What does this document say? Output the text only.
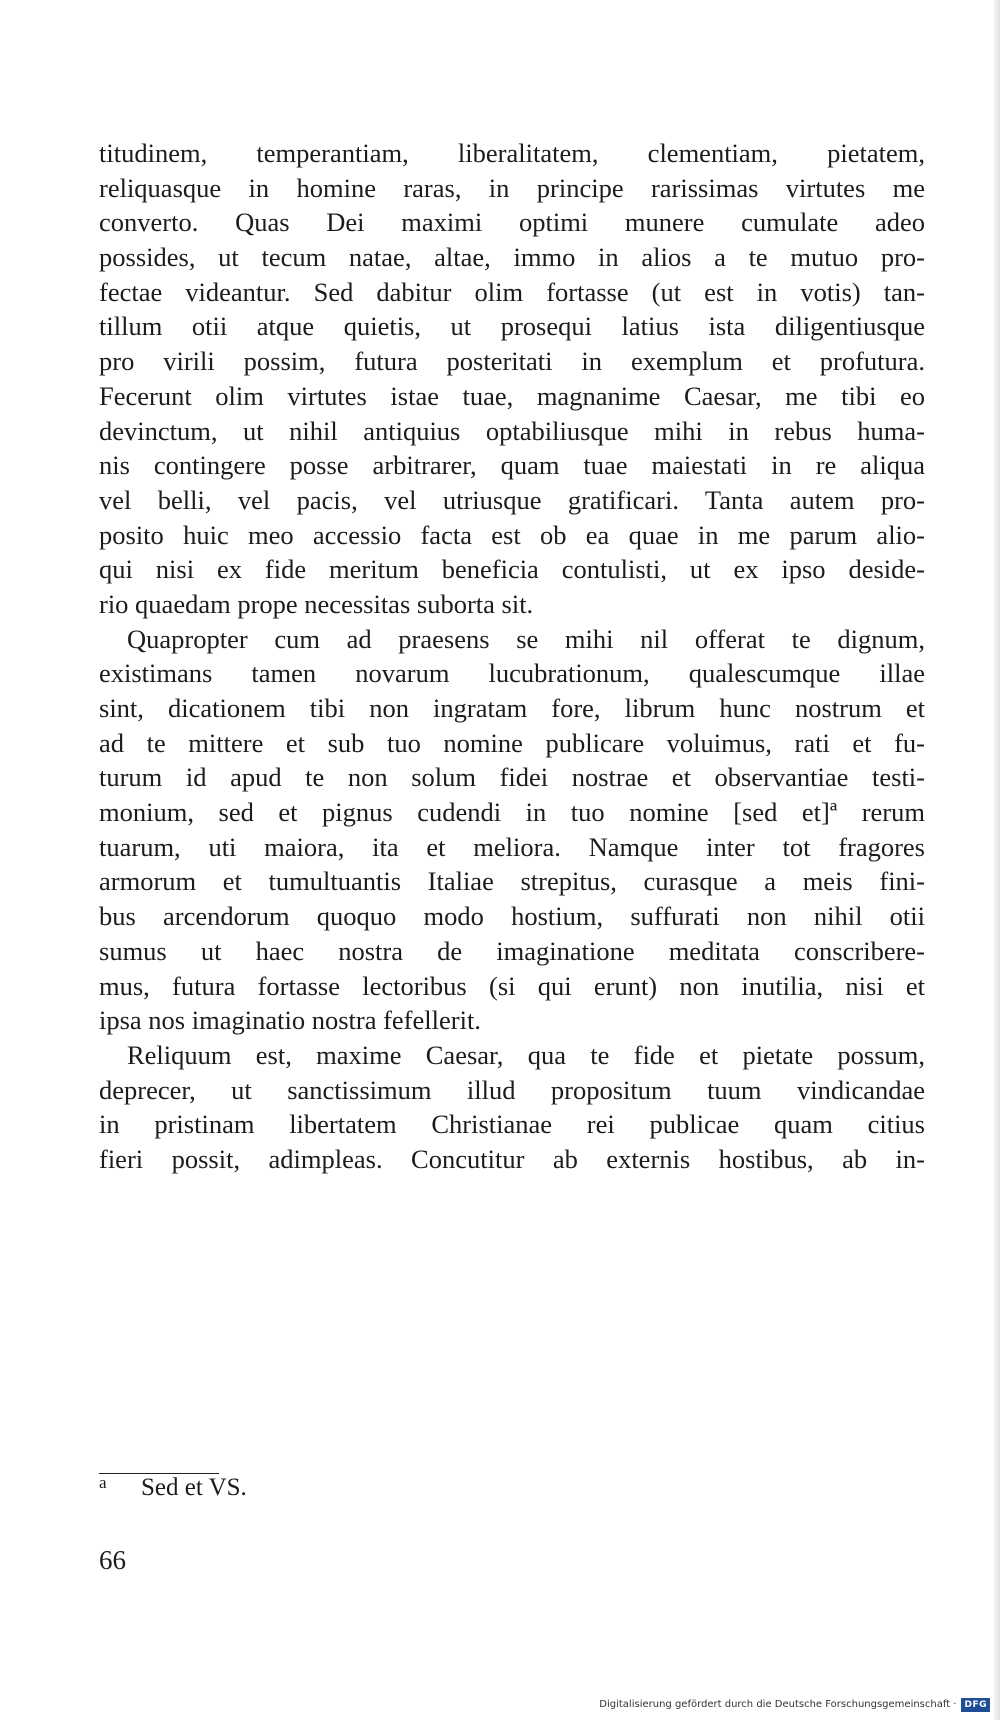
titudinem, temperantiam, liberalitatem, clementiam, pietatem,
reliquasque in homine raras, in principe rarissimas virtutes me
converto. Quas Dei maximi optimi munere cumulate adeo
possides, ut tecum natae, altae, immo in alios a te mutuo pro-
fectae videantur. Sed dabitur olim fortasse (ut est in votis) tan-
tillum otii atque quietis, ut prosequi latius ista diligentiusque
pro virili possim, futura posteritati in exemplum et profutura.
Fecerunt olim virtutes istae tuae, magnanime Caesar, me tibi eo
devinctum, ut nihil antiquius optabiliusque mihi in rebus huma-
nis contingere posse arbitrarer, quam tuae maiestati in re aliqua
vel belli, vel pacis, vel utriusque gratificari. Tanta autem pro-
posito huic meo accessio facta est ob ea quae in me parum alio-
qui nisi ex fide meritum beneficia contulisti, ut ex ipso deside-
rio quaedam prope necessitas suborta sit.
Quapropter cum ad praesens se mihi nil offerat te dignum,
existimans tamen novarum lucubrationum, qualescumque illae
sint, dicationem tibi non ingratam fore, librum hunc nostrum et
ad te mittere et sub tuo nomine publicare voluimus, rati et fu-
turum id apud te non solum fidei nostrae et observantiae testi-
monium, sed et pignus cudendi in tuo nomine [sed et]ª rerum
tuarum, uti maiora, ita et meliora. Namque inter tot fragores
armorum et tumultuantis Italiae strepitus, curasque a meis fini-
bus arcendorum quoquo modo hostium, suffurati non nihil otii
sumus ut haec nostra de imaginatione meditata conscribere-
mus, futura fortasse lectoribus (si qui erunt) non inutilia, nisi et
ipsa nos imaginatio nostra fefellerit.
Reliquum est, maxime Caesar, qua te fide et pietate possum,
deprecer, ut sanctissimum illud propositum tuum vindicandae
in pristinam libertatem Christianae rei publicae quam citius
fieri possit, adimpleas. Concutitur ab externis hostibus, ab in-
a Sed et VS.
66
Digitalisierung gefördert durch die Deutsche Forschungsgemeinschaft · DFG
